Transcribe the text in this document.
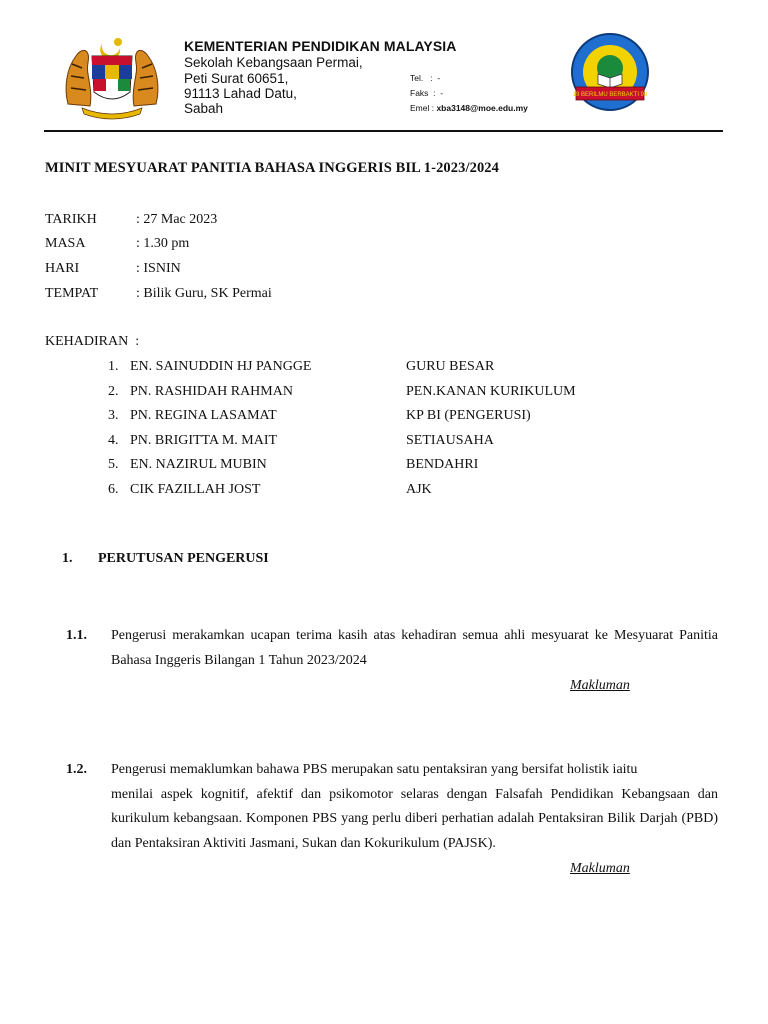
KEMENTERIAN PENDIDIKAN MALAYSIA
Sekolah Kebangsaan Permai,
Peti Surat 60651,
91113 Lahad Datu,
Sabah
Tel.   :  -
Faks  :  -
Emel : xba3148@moe.edu.my
19 BERILMU BERBAKTI 98
MINIT MESYUARAT PANITIA BAHASA INGGERIS BIL 1-2023/2024
TARIKH	: 27 Mac 2023
MASA	: 1.30 pm
HARI	: ISNIN
TEMPAT	: Bilik Guru, SK Permai
KEHADIRAN  :
1. EN. SAINUDDIN HJ PANGGE	GURU BESAR
2. PN. RASHIDAH RAHMAN	PEN.KANAN KURIKULUM
3. PN. REGINA LASAMAT	KP BI (PENGERUSI)
4. PN. BRIGITTA M. MAIT	SETIAUSAHA
5. EN. NAZIRUL MUBIN	BENDAHRI
6. CIK FAZILLAH JOST	AJK
1. PERUTUSAN PENGERUSI
1.1. Pengerusi merakamkan ucapan terima kasih atas kehadiran semua ahli mesyuarat ke Mesyuarat Panitia
Bahasa Inggeris Bilangan 1 Tahun 2023/2024
Makluman
1.2. Pengerusi memaklumkan bahawa PBS merupakan satu pentaksiran yang bersifat holistik iaitu
menilai aspek kognitif, afektif dan psikomotor selaras dengan Falsafah Pendidikan Kebangsaan dan
kurikulum kebangsaan. Komponen PBS yang perlu diberi perhatian adalah Pentaksiran Bilik Darjah (PBD)
dan Pentaksiran Aktiviti Jasmani, Sukan dan Kokurikulum (PAJSK).
Makluman
